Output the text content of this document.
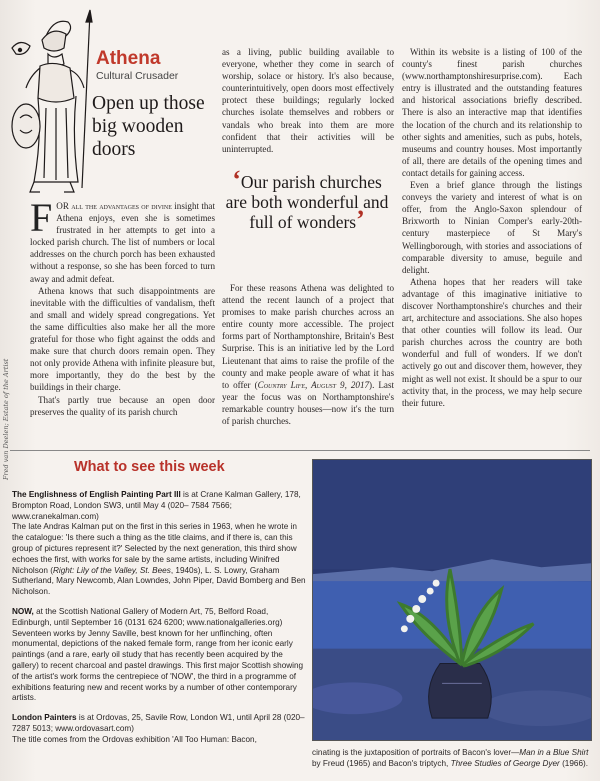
Fred van Deelen; Estate of the Artist
Athena
Cultural Crusader
Open up those big wooden doors

FOR all the advantages of divine insight that Athena enjoys, even she is sometimes frustrated in her attempts to get into a locked parish church. The list of numbers or local addresses on the church porch has been exhausted without a response, so she has been forced to turn away and admit defeat.

Athena knows that such disappointments are inevitable with the difficulties of vandalism, theft and small and widely spread congregations. Yet the same difficulties also make her all the more grateful for those who fight against the odds and make sure that church doors remain open. They not only provide Athena with infinite pleasure but, more importantly, they do the best by the buildings in their charge.

That's partly true because an open door preserves the quality of its parish church

as a living, public building available to everyone, whether they come in search of worship, solace or history. It's also because, counterintuitively, open doors most effectively protect these buildings; regularly locked churches isolate themselves and robbers or vandals who break into them are more confident that their activities will be uninterrupted.

‘Our parish churches are both wonderful and full of wonders’

For these reasons Athena was delighted to attend the recent launch of a project that promises to make parish churches across an entire county more accessible. The project forms part of Northamptonshire, Britain's Best Surprise. This is an initiative led by the Lord Lieutenant that aims to raise the profile of the county and make people aware of what it has to offer (Country Life, August 9, 2017). Last year the focus was on Northamptonshire's remarkable country houses—now it's the turn of parish churches.

Within its website is a listing of 100 of the county's finest parish churches (www.northamptonshiresurprise.com). Each entry is illustrated and the outstanding features and historical associations briefly described. There is also an interactive map that identifies the location of the church and its relationship to other sights and amenities, such as pubs, hotels, museums and country houses. Most importantly of all, there are details of the opening times and contact details for gaining access.

Even a brief glance through the listings conveys the variety and interest of what is on offer, from the Anglo-Saxon splendour of Brixworth to Ninian Comper's early-20th-century masterpiece of St Mary's Wellingborough, with stories and associations of comparable diversity to amuse, beguile and delight.

Athena hopes that her readers will take advantage of this imaginative initiative to discover Northamptonshire's churches and their art, architecture and associations. She also hopes that other counties will follow its lead. Our parish churches across the country are both wonderful and full of wonders. If we don't actively go out and discover them, however, they might as well not exist. It should be a spur to our activity that, in the process, we may help secure their future.

What to see this week

The Englishness of English Painting Part III is at Crane Kalman Gallery, 178, Brompton Road, London SW3, until May 4 (020– 7584 7566; www.cranekalman.com)
The late Andras Kalman put on the first in this series in 1963, when he wrote in the catalogue: 'Is there such a thing as the title claims, and if there is, can this group of pictures represent it?' Selected by the next generation, this third show echoes the first, with works for sale by the same artists, including Winifred Nicholson (Right: Lily of the Valley, St. Bees, 1940s), L. S. Lowry, Graham Sutherland, Mary Newcomb, Alan Lowndes, John Piper, David Bomberg and Ben Nicholson.

NOW, at the Scottish National Gallery of Modern Art, 75, Belford Road, Edinburgh, until September 16 (0131 624 6200; www.nationalgalleries.org)
Seventeen works by Jenny Saville, best known for her unflinching, often monumental, depictions of the naked female form, range from her iconic early paintings (and a rare, early oil study that has recently been acquired by the gallery) to recent charcoal and pastel drawings. This first major Scottish showing of the artist's work forms the centrepiece of 'NOW', the third in a programme of exhibitions featuring new and recent works by a number of other contemporary artists.

London Painters is at Ordovas, 25, Savile Row, London W1, until April 28 (020–7287 5013; www.ordovasart.com)
The title comes from the Ordovas exhibition 'All Too Human: Bacon,

cinating is the juxtaposition of portraits of Bacon's lover—Man in a Blue Shirt by Freud (1965) and Bacon's triptych, Three Studies of George Dyer (1966).
